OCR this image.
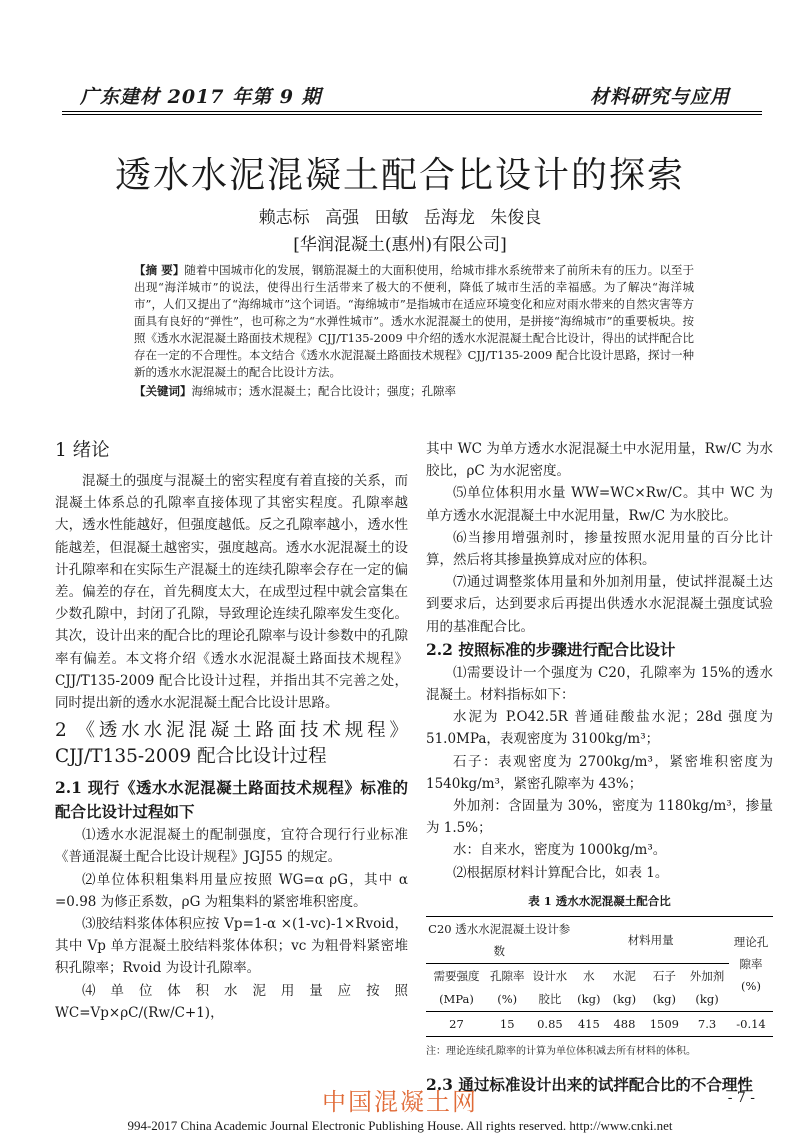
广东建材 2017 年第 9 期	材料研究与应用
透水水泥混凝土配合比设计的探索
赖志标 高强 田敏 岳海龙 朱俊良
[华润混凝土(惠州)有限公司]
【摘 要】随着中国城市化的发展，钢筋混凝土的大面积使用，给城市排水系统带来了前所未有的压力。以至于出现“海洋城市”的说法，使得出行生活带来了极大的不便利，降低了城市生活的幸福感。为了解决“海洋城市”，人们又提出了“海绵城市”这个词语。“海绵城市”是指城市在适应环境变化和应对雨水带来的自然灾害等方面具有良好的“弹性”，也可称之为“水弹性城市”。透水水泥混凝土的使用，是拼接“海绵城市”的重要板块。按照《透水水泥混凝土路面技术规程》CJJ/T135-2009 中介绍的透水水泥混凝土配合比设计，得出的试拌配合比存在一定的不合理性。本文结合《透水水泥混凝土路面技术规程》CJJ/T135-2009 配合比设计思路，探讨一种新的透水水泥混凝土的配合比设计方法。
【关键词】海绵城市；透水混凝土；配合比设计；强度；孔隙率
1 绪论

混凝土的强度与混凝土的密实程度有着直接的关系，而混凝土体系总的孔隙率直接体现了其密实程度。孔隙率越大，透水性能越好，但强度越低。反之孔隙率越小，透水性能越差，但混凝土越密实，强度越高。透水水泥混凝土的设计孔隙率和在实际生产混凝土的连续孔隙率会存在一定的偏差。偏差的存在，首先稠度太大，在成型过程中就会富集在少数孔隙中，封闭了孔隙，导致理论连续孔隙率发生变化。其次，设计出来的配合比的理论孔隙率与设计参数中的孔隙率有偏差。本文将介绍《透水水泥混凝土路面技术规程》CJJ/T135-2009 配合比设计过程，并指出其不完善之处，同时提出新的透水水泥混凝土配合比设计思路。

2 《透水水泥混凝土路面技术规程》CJJ/T135-2009 配合比设计过程
2.1 现行《透水水泥混凝土路面技术规程》标准的配合比设计过程如下

⑴透水水泥混凝土的配制强度，宜符合现行行业标准《普通混凝土配合比设计规程》JGJ55 的规定。

⑵单位体积粗集料用量应按照 WG=α ρG，其中 α =0.98 为修正系数，ρG 为粗集料的紧密堆积密度。

⑶胶结料浆体体积应按 Vp=1-α ×(1-vc)-1×Rvoid，其中 Vp 单方混凝土胶结料浆体体积；vc 为粗骨料紧密堆积孔隙率；Rvoid 为设计孔隙率。

⑷单位体积水泥用量应按照 WC=Vp×ρC/(Rw/C+1)，

其中 WC 为单方透水水泥混凝土中水泥用量，Rw/C 为水胶比，ρC 为水泥密度。

⑸单位体积用水量 WW=WC×Rw/C。其中 WC 为单方透水水泥混凝土中水泥用量，Rw/C 为水胶比。

⑹当掺用增强剂时，掺量按照水泥用量的百分比计算，然后将其掺量换算成对应的体积。

⑺通过调整浆体用量和外加剂用量，使试拌混凝土达到要求后，达到要求后再提出供透水水泥混凝土强度试验用的基准配合比。

2.2 按照标准的步骤进行配合比设计

⑴需要设计一个强度为 C20，孔隙率为 15%的透水混凝土。材料指标如下：

水泥为 P.O42.5R 普通硅酸盐水泥；28d 强度为 51.0MPa，表观密度为 3100kg/m³；

石子：表观密度为 2700kg/m³，紧密堆积密度为 1540kg/m³，紧密孔隙率为 43%；

外加剂：含固量为 30%，密度为 1180kg/m³，掺量为 1.5%；

水：自来水，密度为 1000kg/m³。

⑵根据原材料计算配合比，如表 1。

表 1 透水水泥混凝土配合比
C20 透水水泥混凝土设计参数			材料用量				理论孔隙率(%)
需要强度(MPa)	孔隙率(%)	设计水胶比	水(kg)	水泥(kg)	石子(kg)	外加剂(kg)	
27	15	0.85	415	488	1509	7.3	-0.14
注：理论连续孔隙率的计算为单位体积减去所有材料的体积。
2.3 通过标准设计出来的试拌配合比的不合理性
中国混凝土网	- 7 -
994-2017 China Academic Journal Electronic Publishing House. All rights reserved. http://www.cnki.net
